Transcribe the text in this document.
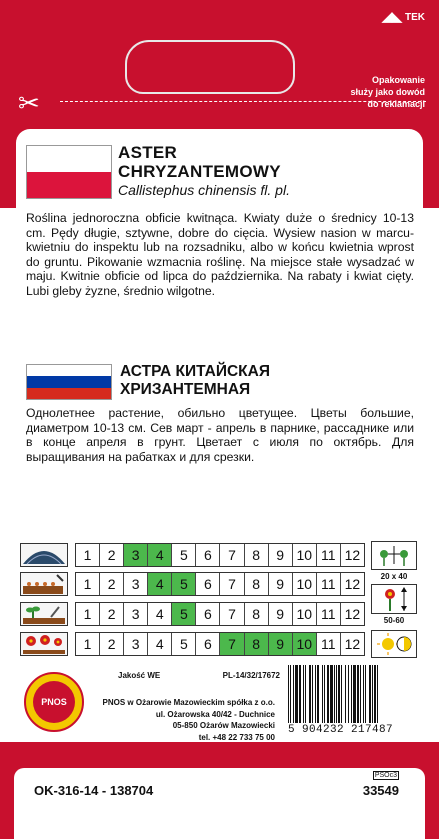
◢◣ TEK
Opakowanie
służy jako dowód
do reklamacji
✂
ASTER
CHRYZANTEMOWY
Callistephus chinensis fl. pl.
Roślina jednoroczna obficie kwitnąca. Kwiaty duże o średnicy 10-13 cm. Pędy długie, sztywne, dobre do cięcia. Wysiew nasion w marcu-kwietniu do inspektu lub na rozsadniku, albo w końcu kwietnia wprost do gruntu. Pikowanie wzmacnia roślinę. Na miejsce stałe wysadzać w maju. Kwitnie obficie od lipca do października. Na rabaty i kwiat cięty. Lubi gleby żyzne, średnio wilgotne.
АСТРА КИТАЙСКАЯ
ХРИЗАНТЕМНАЯ
Однолетнее растение, обильно цветущее. Цветы большие, диаметром 10-13 см. Сев март - апрель в парнике, рассаднике или в конце апреля в грунт. Цветает с июля по октябрь. Для выращивания на рабатках и для срезки.
1	2	3	4	5	6	7	8	9 10 11 12
1	2	3	4	5	6	7	8	9 10 11 12
1	2	3	4	5	6	7	8	9 10 11 12
1	2	3	4	5	6	7	8	9 10 11 12
20 x 40
50-60
PNOS
Jakość WE	PL-14/32/17672
PNOS w Ożarowie Mazowieckim spółka z o.o.
ul. Ożarowska 40/42 - Duchnice
05-850 Ożarów Mazowiecki
tel. +48 22 733 75 00
5 904232 217487
PSOc3
OK-316-14 - 138704	33549
